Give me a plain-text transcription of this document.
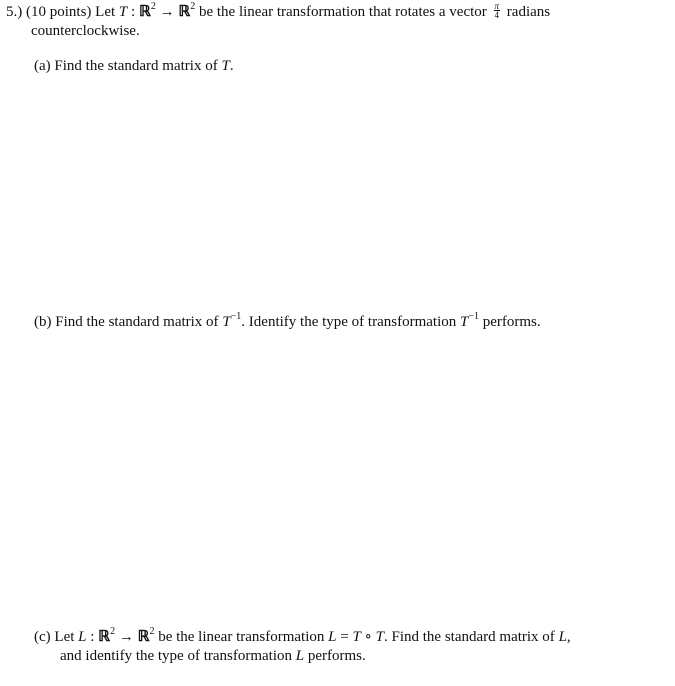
5.) (10 points) Let T : ℝ$^2$ → ℝ$^2$ be the linear transformation that rotates a vector $\frac{\pi}{4}$ radians
counterclockwise.
(a) Find the standard matrix of T.
(b) Find the standard matrix of $T^{-1}$. Identify the type of transformation $T^{-1}$ performs.
(c) Let L : ℝ$^2$ → ℝ$^2$ be the linear transformation L = T ∘ T. Find the standard matrix of L,
and identify the type of transformation L performs.
